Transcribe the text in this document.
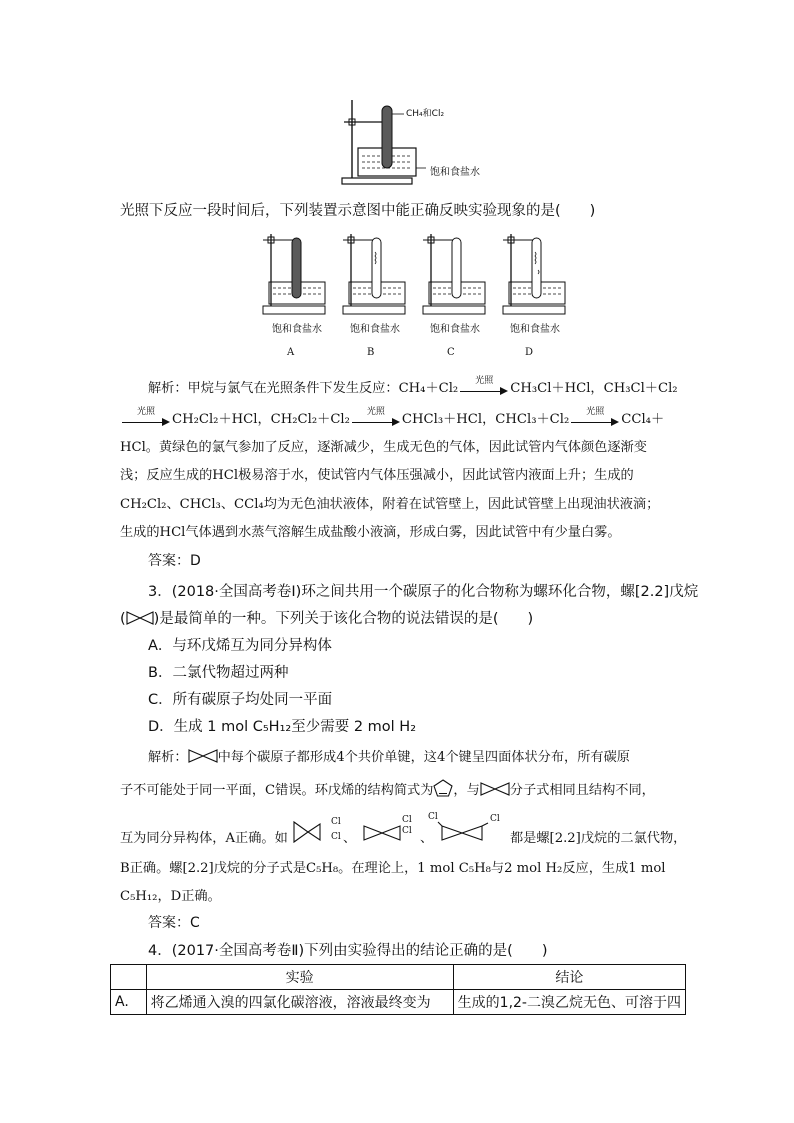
CH₄和Cl₂
饱和食盐水
光照下反应一段时间后，下列装置示意图中能正确反映实验现象的是(　　)
饱和食盐水	饱和食盐水	饱和食盐水	饱和食盐水
A	B	C	D
解析：甲烷与氯气在光照条件下发生反应：CH₄＋Cl₂
光照
CH₃Cl＋HCl，CH₃Cl＋Cl₂
光照
CH₂Cl₂＋HCl，CH₂Cl₂＋Cl₂
光照
CHCl₃＋HCl，CHCl₃＋Cl₂
光照
CCl₄＋
HCl。黄绿色的氯气参加了反应，逐渐减少，生成无色的气体，因此试管内气体颜色逐渐变
浅；反应生成的HCl极易溶于水，使试管内气体压强减小，因此试管内液面上升；生成的
CH₂Cl₂、CHCl₃、CCl₄均为无色油状液体，附着在试管壁上，因此试管壁上出现油状液滴；
生成的HCl气体遇到水蒸气溶解生成盐酸小液滴，形成白雾，因此试管中有少量白雾。
答案：D
3．(2018·全国高考卷Ⅰ)环之间共用一个碳原子的化合物称为螺环化合物，螺[2.2]戊烷
( )是最简单的一种。下列关于该化合物的说法错误的是(　　)
A．与环戊烯互为同分异构体
B．二氯代物超过两种
C．所有碳原子均处同一平面
D．生成 1 mol C₅H₁₂至少需要 2 mol H₂
解析： 中每个碳原子都形成4个共价单键，这4个键呈四面体状分布，所有碳原
子不可能处于同一平面，C错误。环戊烯的结构简式为 ，与 分子式相同且结构不同，
互为同分异构体，A正确。如
Cl
Cl 、
Cl
Cl 、
Cl	Cl
都是螺[2.2]戊烷的二氯代物，
B正确。螺[2.2]戊烷的分子式是C₅H₈。在理论上，1 mol C₅H₈与2 mol H₂反应，生成1 mol
C₅H₁₂，D正确。
答案：C
4．(2017·全国高考卷Ⅱ)下列由实验得出的结论正确的是(　　)
	实验	结论
A.	将乙烯通入溴的四氯化碳溶液，溶液最终变为	生成的1,2-二溴乙烷无色、可溶于四
